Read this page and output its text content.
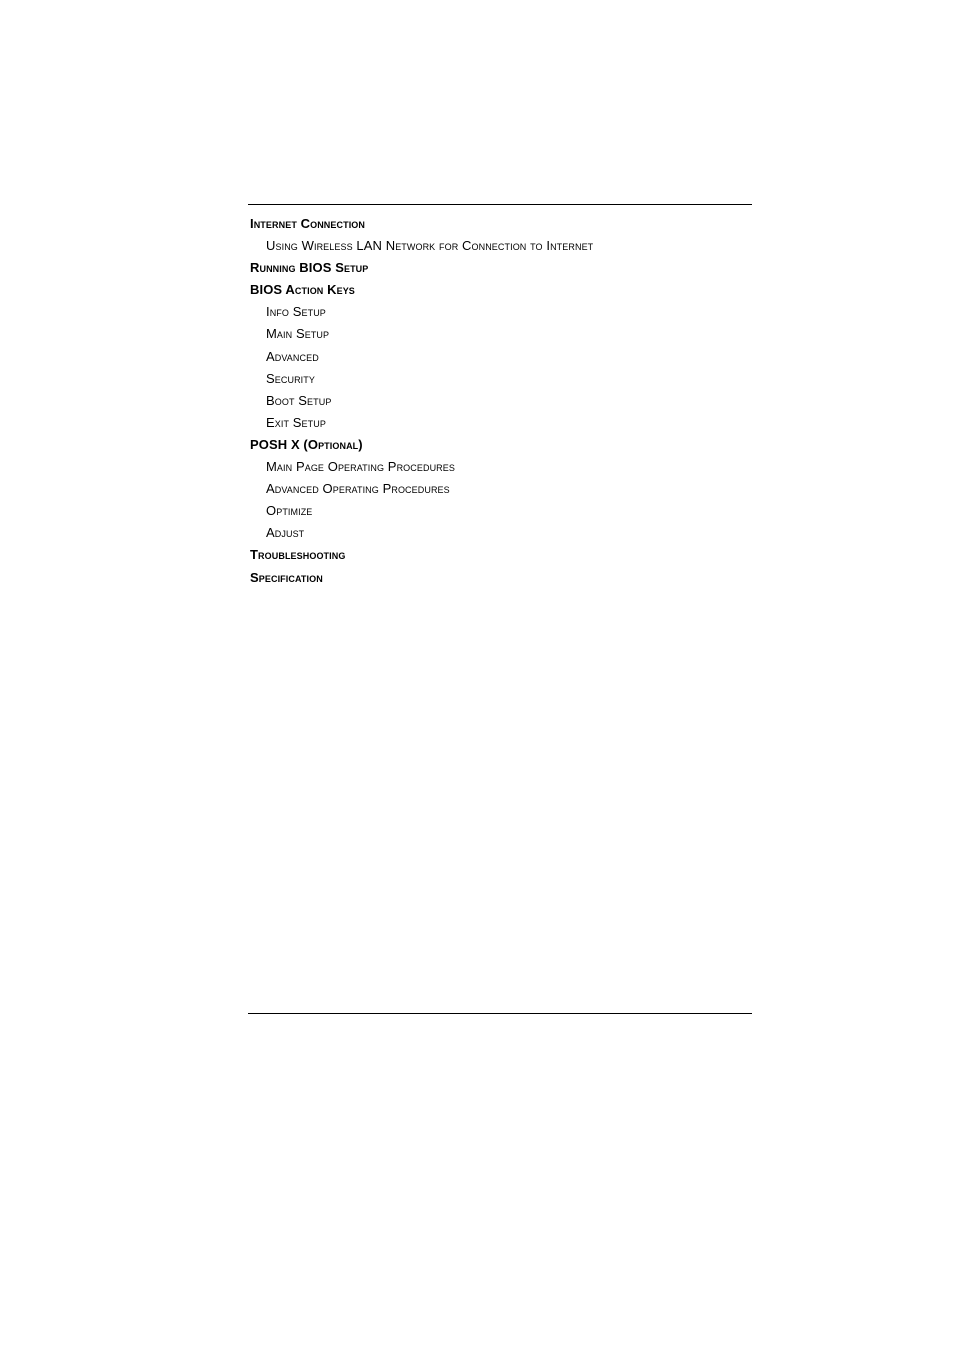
Internet Connection
Using Wireless LAN Network for Connection to Internet
Running BIOS Setup
BIOS Action Keys
Info Setup
Main Setup
Advanced
Security
Boot Setup
Exit Setup
POSH X (Optional)
Main Page Operating Procedures
Advanced Operating Procedures
Optimize
Adjust
Troubleshooting
Specification
